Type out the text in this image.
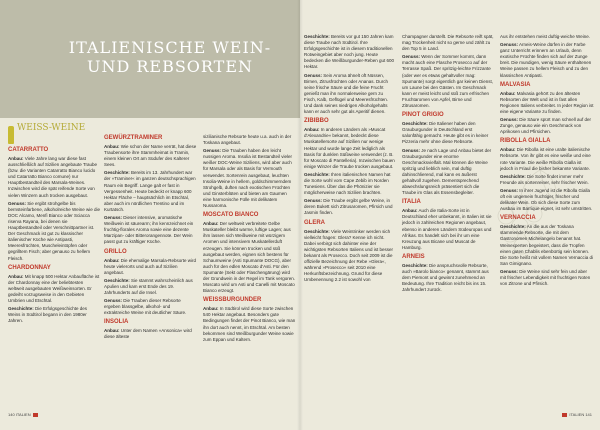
ITALIENISCHE WEIN- UND REBSORTEN
WEISS-WEINE

CATARRATTO

Anbau: Viele Jahre lang war diese fast ausschließlich auf Sizilien angebaute Traube (bzw. die Varianten Catarratto Bianco lucido und Catarratto Bianco comune) nur Hauptbestandteil des Marsala-Weines. Inzwischen wird die spät reifende Sorte von vielen Winzern auch trocken ausgebaut.

Genuss: Sie ergibt strohgelbe bis bernsteinfarbene, alkoholreiche Weine wie die DOC Alcamo, Menfi Bianco oder Sciacca riserva Rayana, bei denen sie Hauptbestandteil oder Verschnittpartner ist. Der Geschmack ist gut zu klassischer italienischer Küche wie Antipasti, Meeresfrüchten, Muscheleintöpfen oder gegrilltem Fisch; aber genauso zu hellem Fleisch.

CHARDONNAY

Anbau: Mit knapp 500 Hektar Anbaufläche ist der Chardonnay eine der beliebtesten weltweit ausgebauten Weißweinsorten. Er gedeiht vorzugsweise in den Gebieten Umbrien und Etschtal.

Geschichte: Die Erfolgsgeschichte des Weins in Südtirol begann in den 1980er Jahren.

GEWÜRZTRAMINER

Anbau: Wie schon der Name verrät, hat diese Traubensorte ihre Stammheimat in Tramin, einem kleinen Ort am Südufer des Kalterer Sees.

Geschichte: Bereits im 13. Jahrhundert war der »Traminer« im ganzen deutschsprachigen Raum ein Begriff. Lange galt er fast in Vergessenheit. Heute bedeckt er knapp 600 Hektar Fläche – hauptsächlich im Etschtal, aber auch im nördlichen Trentino und im Kurtatsch.

Genuss: Dieser intensive, aromatische Weißwein ist säurearm; ihn kennzeichnet ein fruchtig-florales Aroma sowie eine dezente Marzipan- oder Bitterorangennote. Der Wein passt gut zu kräftiger Küche.

GRILLO

Anbau: Die ehemalige Marsala-Rebsorte wird heute vielerorts und auch auf Sizilien angebaut.

Geschichte: Sie stammt wahrscheinlich aus Apulien und kam erst Ende des 19. Jahrhunderts auf die Insel.

Genuss: Die Trauben dieser Rebsorte ergeben blassgelbe, alkohol- und extraktreiche Weine mit deutlicher Säure.

INSOLIA

Anbau: Unter dem Namen »Ansonica« wird diese älteste

sizilianische Rebsorte heute u.a. auch in der Toskana angebaut.

Genuss: Die Trauben haben den leicht nussigen Aroma. Insolia ist Bestandteil vieler weißer DOC-Weine Siziliens, wird aber auch für Marsala oder als Basis für Vermouth verwendet. Sortenrein ausgebaut, leuchten Insolia-Weine in hellem, goldschimmerndem Strohgelb, duften nach exotischen Früchten und Ginsterblüten und bieten am Gaumen eine harmonische Fülle mit delikatem Nussaroma.

MOSCATO BIANCO

Anbau: Der weltweit verbreitete Gelbe Muskateller bleibt warme, luftige Lagen; aus ihm lassen sich Weißweine mit würzigem Aromen und intensivem Muskatellerduft erzeugen. Sie können trocken und süß ausgebaut werden, eignen sich bestens für Schaumweine (Asti Spumante DOCG), aber auch für den edlen Moscato d'Asti. Für den Spumante (Sekt oder Flaschengärung) wird der Grundwein in der Regel im Tank vergoren. Moscato wird um Asti und Canelli mit Moscato Bianco erzeugt.

WEISSBURGUNDER

Anbau: In Südtirol wird diese Sorte zwischen 540 Hektar angebaut. Besonders gute Bedingungen findet der Pinot Bianco, wie man ihn dort auch nennt, im Etschtal. Am besten bekommen sind Weißburgunder Weine sowie zum Eppan und Kaltern.

140 ITALIEN

Geschichte: Bereits vor gut 150 Jahren kam diese Traube nach Südtirol. Ihre Erfolgsgeschichte ist in diesem traditionellen Rotweingebiet aber noch jung. Heute bedecken die Weißburgunder-Reben gut 600 Hektar.

Genuss: Sein Aroma ähnelt oft Nüssen, Birnen, Zitrusfrüchten oder Ananas. Durch seine frische Säure und die feine Frucht genießt man ihn normalerweise gern zu Fisch, Kalb, Geflügel und Meeresfrüchten. Und dank seines niedrigen Alkoholgehalts kann er auch sehr gut als Aperitif dienen.

ZIBIBBO

Anbau: In anderen Ländern als »Muscat d'Alexandrie« bekannt, bedeckt diese Muskatellersorte auf Sizilien nur wenige Hektar und wurde lange Zeit lediglich als Basis für dunklen Süßweine verwendet (z. B. für Moscato di Pantelleria). Inzwischen bauen einige Winzer die Traube trocken ausgebaut.

Geschichte: Ihren italienischen Namen hat die Sorte wohl vom Cape Zebib im Norden Tunesiens. Über das die Phönizier sie möglicherweise nach Sizilien brachten.

Genuss: Die Traube ergibt gelbe Weine, in deren Bukett sich Zitrusaromen, Pfirsich und Jasmin finden.

GLERA

Geschichte: Viele Weintrinker werden sich vielleicht fragen: Glera? Kenne ich nicht. Dabei verbirgt sich dahinter eine der wichtigsten Rebsorten Italiens und ist besser bekannt als Prosecco. Doch seit 2009 ist die offizielle Bezeichnung der Rebe »Glera«, während »Prosecco« seit 2010 eine Herkunftsbezeichnung. Grund für diese Umbenennung 2.2 ist sowohl von

Champagner darstellt. Die Rebsorte reift spät, mag Trockenheit nicht so gerne und zählt zu den Top 5 in Land.

Genuss: Wenn der Sommer kommt, dann macht auch eine Flasche Prosecco auf der Terrasse Spaß. Der spritzig-leichte Frizzante (oder wer es etwas gehaltvoller mag: Spumante) sorgt eigentlich gar keinen Dienst, um Laune bei den Gästen. Im Geschmack kann er meist leicht und süß zum erfrischen Fruchtaromen von Apfel, Birne und Zitrusaromen.

PINOT GRIGIO

Geschichte: Die Italiener haben den Grauburgunder in Deutschland erst salonfähig gemacht. Heute gibt es in keiner Pizzeria mehr ohne diese Rebsorte.

Genuss: Je nach Lage und Anbau bietet der Grauburgunder eine enorme Geschmacksvielfalt. Mal können die Weine spritzig und lieblich sein, mal duftig dahinschlierend, mal kann es äußerst gehaltvoll zugehen. Dementsprechend abwechslungsreich präsentiert sich die Traube im Glas als Essensbegleiter.

ITALIA

Anbau: Auch die Italia-Sorte ist in Deutschland eher unbekannt, in Italien ist sie jedoch in zahlreichen Regionen angebaut, ebenso in anderen Ländern Südeuropas und Afrikas. Es handelt sich bei ihr um eine Kreuzung aus Bicane und Muscat de Hamburg.

ARNEIS

Geschichte: Die anspruchsvolle Rebsorte, auch »Barolo bianco« genannt, stammt aus dem Piemont und gewinnt zunehmend an Bedeutung. Ihre Tradition reicht bis ins 15. Jahrhundert zurück.

Aus ihr entstehen meist duftig-weiche Weine.

Genuss: Arneis-Weine dürfen in der Farbe ganz Unterricht erinnern an Urlaub, denn exotische Früchte finden sich auf der Zunge breit. Die mundigen, wenig Säure enthaltenen Weine passen zu hellem Fleisch und zu den klassischen Antipasti.

MALVASIA

Anbau: Malvasia gehört zu den ältesten Rebsorten der Welt und ist in fast allen Regionen Italiens verbreitet. In jeder Region ist eine eigene Variante zu finden.

Genuss: Die Säure spürt man schnell auf der Zunge, genauso wie ein Geschmack von Aprikosen und Pfirsichen.

RIBOLLA GIALLA

Anbau: Die Ribolla ist eine uralte italienische Rebsorte. Von ihr gibt es eine weiße und eine rote Variante. Die weiße Ribolla Gialla ist jedoch in Friaul die bisher bekannte Variante.

Geschichte: Die Sorte findet immer mehr Freunde als sortenreiner, sehr frischer Wein.

Genuss: In ihrer Jugend ist die Ribolla Gialla oft ein ungemein fruchtiger, frischer und delikater Wein. Ob sich diese Sorte zum Ausbau im Barrique eignet, ist sehr umstritten.

VERNACCIA

Geschichte: An die aus der Toskana stammende Rebsorte, die mit dem Gastronomen Michelangelo benannt hat. Weinexperten begeistert, dass die Tropfen einen guten Chablis ebenbürtig sein können. Die Sorte heißt mit vollem Namen Vernaccia di San Gimignano.

Genuss: Die Weine sind sehr fein und aber mit frischer Lebendigkeit mit fruchtigen Noten von Zitrone und Pfirsich.

ITALIEN 141
